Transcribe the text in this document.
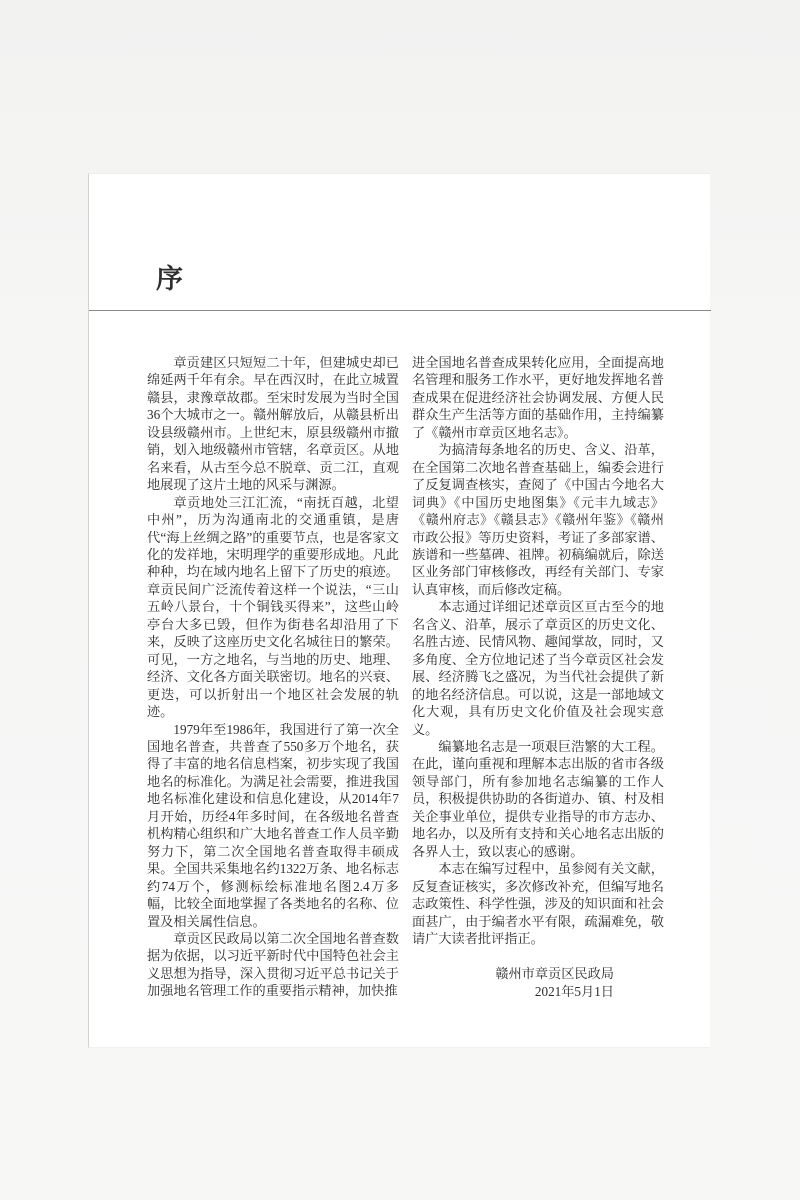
序

章贡建区只短短二十年，但建城史却已绵延两千年有余。早在西汉时，在此立城置赣县，隶豫章故郡。至宋时发展为当时全国36个大城市之一。赣州解放后，从赣县析出设县级赣州市。上世纪末，原县级赣州市撤销，划入地级赣州市管辖，名章贡区。从地名来看，从古至今总不脱章、贡二江，直观地展现了这片土地的风采与渊源。

章贡地处三江汇流，“南抚百越，北望中州”，历为沟通南北的交通重镇，是唐代“海上丝绸之路”的重要节点，也是客家文化的发祥地，宋明理学的重要形成地。凡此种种，均在域内地名上留下了历史的痕迹。章贡民间广泛流传着这样一个说法，“三山五岭八景台，十个铜钱买得来”，这些山岭亭台大多已毁，但作为街巷名却沿用了下来，反映了这座历史文化名城往日的繁荣。可见，一方之地名，与当地的历史、地理、经济、文化各方面关联密切。地名的兴衰、更迭，可以折射出一个地区社会发展的轨迹。

1979年至1986年，我国进行了第一次全国地名普查，共普查了550多万个地名，获得了丰富的地名信息档案，初步实现了我国地名的标准化。为满足社会需要，推进我国地名标准化建设和信息化建设，从2014年7月开始，历经4年多时间，在各级地名普查机构精心组织和广大地名普查工作人员辛勤努力下，第二次全国地名普查取得丰硕成果。全国共采集地名约1322万条、地名标志约74万个，修测标绘标准地名图2.4万多幅，比较全面地掌握了各类地名的名称、位置及相关属性信息。

章贡区民政局以第二次全国地名普查数据为依据，以习近平新时代中国特色社会主义思想为指导，深入贯彻习近平总书记关于加强地名管理工作的重要指示精神，加快推

进全国地名普查成果转化应用，全面提高地名管理和服务工作水平，更好地发挥地名普查成果在促进经济社会协调发展、方便人民群众生产生活等方面的基础作用，主持编纂了《赣州市章贡区地名志》。

为搞清每条地名的历史、含义、沿革，在全国第二次地名普查基础上，编委会进行了反复调查核实，查阅了《中国古今地名大词典》《中国历史地图集》《元丰九域志》《赣州府志》《赣县志》《赣州年鉴》《赣州市政公报》等历史资料，考证了多部家谱、族谱和一些墓碑、祖牌。初稿编就后，除送区业务部门审核修改，再经有关部门、专家认真审核，而后修改定稿。

本志通过详细记述章贡区亘古至今的地名含义、沿革，展示了章贡区的历史文化、名胜古迹、民情风物、趣闻掌故，同时，又多角度、全方位地记述了当今章贡区社会发展、经济腾飞之盛况，为当代社会提供了新的地名经济信息。可以说，这是一部地域文化大观，具有历史文化价值及社会现实意义。

编纂地名志是一项艰巨浩繁的大工程。在此，谨向重视和理解本志出版的省市各级领导部门，所有参加地名志编纂的工作人员，积极提供协助的各街道办、镇、村及相关企事业单位，提供专业指导的市方志办、地名办，以及所有支持和关心地名志出版的各界人士，致以衷心的感谢。

本志在编写过程中，虽参阅有关文献，反复查证核实，多次修改补充，但编写地名志政策性、科学性强，涉及的知识面和社会面甚广，由于编者水平有限，疏漏难免，敬请广大读者批评指正。

赣州市章贡区民政局
2021年5月1日
